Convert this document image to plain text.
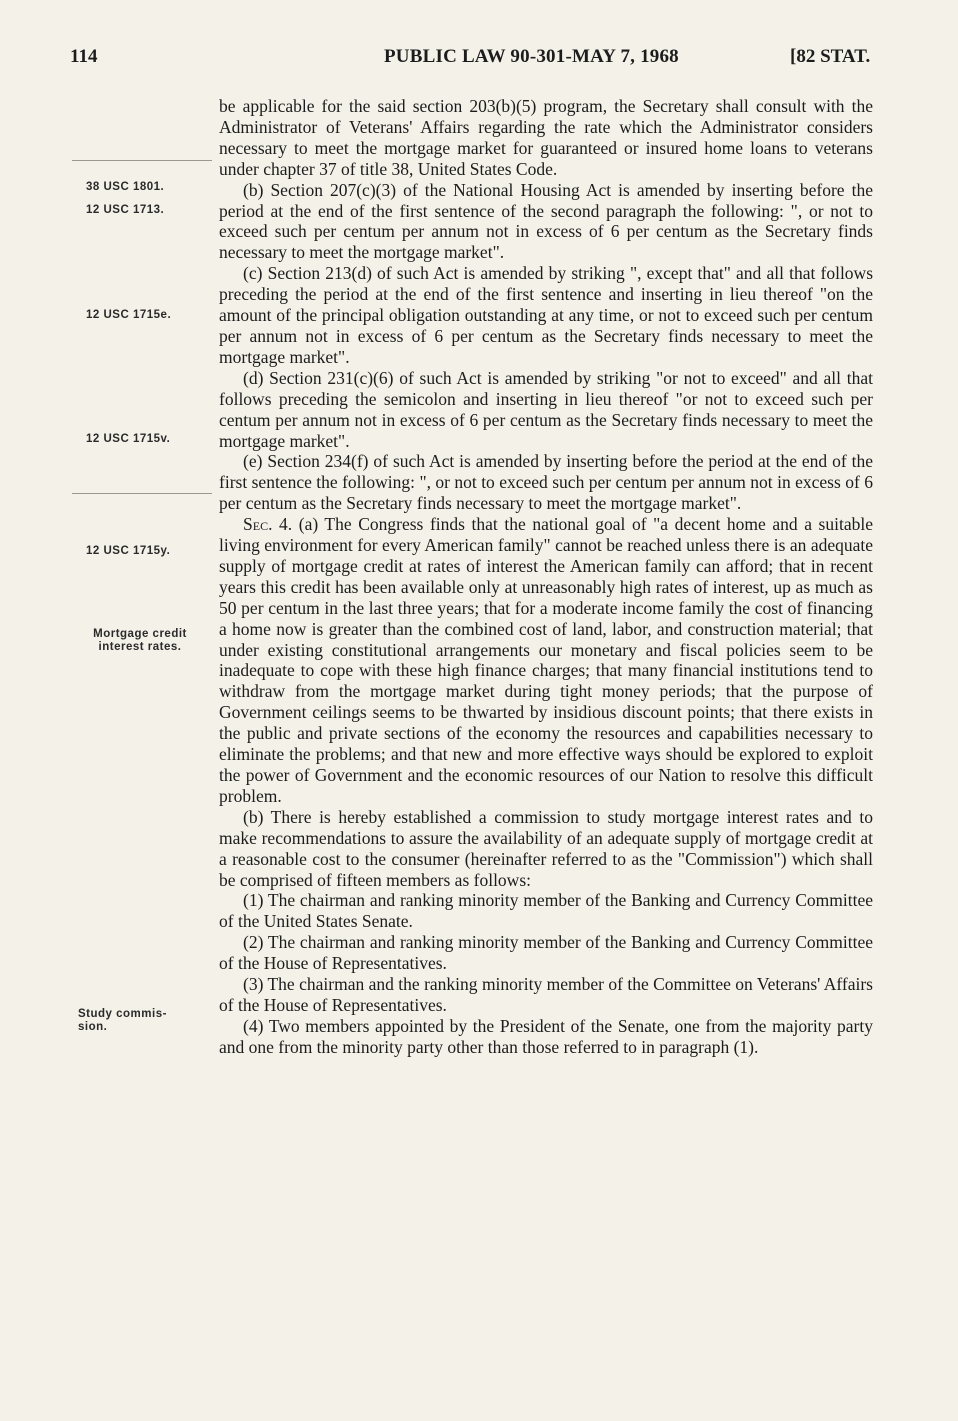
114	PUBLIC LAW 90-301-MAY 7, 1968	[82 STAT.
38 USC 1801.
12 USC 1713.
12 USC 1715e.
12 USC 1715v.
12 USC 1715y.
Mortgage credit
interest rates.
Study commis-
sion.

be applicable for the said section 203(b)(5) program, the Secretary shall consult with the Administrator of Veterans' Affairs regarding the rate which the Administrator considers necessary to meet the mortgage market for guaranteed or insured home loans to veterans under chapter 37 of title 38, United States Code.

(b) Section 207(c)(3) of the National Housing Act is amended by inserting before the period at the end of the first sentence of the second paragraph the following: ", or not to exceed such per centum per annum not in excess of 6 per centum as the Secretary finds necessary to meet the mortgage market".

(c) Section 213(d) of such Act is amended by striking ", except that" and all that follows preceding the period at the end of the first sentence and inserting in lieu thereof "on the amount of the principal obligation outstanding at any time, or not to exceed such per centum per annum not in excess of 6 per centum as the Secretary finds necessary to meet the mortgage market".

(d) Section 231(c)(6) of such Act is amended by striking "or not to exceed" and all that follows preceding the semicolon and inserting in lieu thereof "or not to exceed such per centum per annum not in excess of 6 per centum as the Secretary finds necessary to meet the mortgage market".

(e) Section 234(f) of such Act is amended by inserting before the period at the end of the first sentence the following: ", or not to exceed such per centum per annum not in excess of 6 per centum as the Secretary finds necessary to meet the mortgage market".

Sec. 4. (a) The Congress finds that the national goal of "a decent home and a suitable living environment for every American family" cannot be reached unless there is an adequate supply of mortgage credit at rates of interest the American family can afford; that in recent years this credit has been available only at unreasonably high rates of interest, up as much as 50 per centum in the last three years; that for a moderate income family the cost of financing a home now is greater than the combined cost of land, labor, and construction material; that under existing constitutional arrangements our monetary and fiscal policies seem to be inadequate to cope with these high finance charges; that many financial institutions tend to withdraw from the mortgage market during tight money periods; that the purpose of Government ceilings seems to be thwarted by insidious discount points; that there exists in the public and private sections of the economy the resources and capabilities necessary to eliminate the problems; and that new and more effective ways should be explored to exploit the power of Government and the economic resources of our Nation to resolve this difficult problem.

(b) There is hereby established a commission to study mortgage interest rates and to make recommendations to assure the availability of an adequate supply of mortgage credit at a reasonable cost to the consumer (hereinafter referred to as the "Commission") which shall be comprised of fifteen members as follows:

(1) The chairman and ranking minority member of the Banking and Currency Committee of the United States Senate.

(2) The chairman and ranking minority member of the Banking and Currency Committee of the House of Representatives.

(3) The chairman and the ranking minority member of the Committee on Veterans' Affairs of the House of Representatives.

(4) Two members appointed by the President of the Senate, one from the majority party and one from the minority party other than those referred to in paragraph (1).
